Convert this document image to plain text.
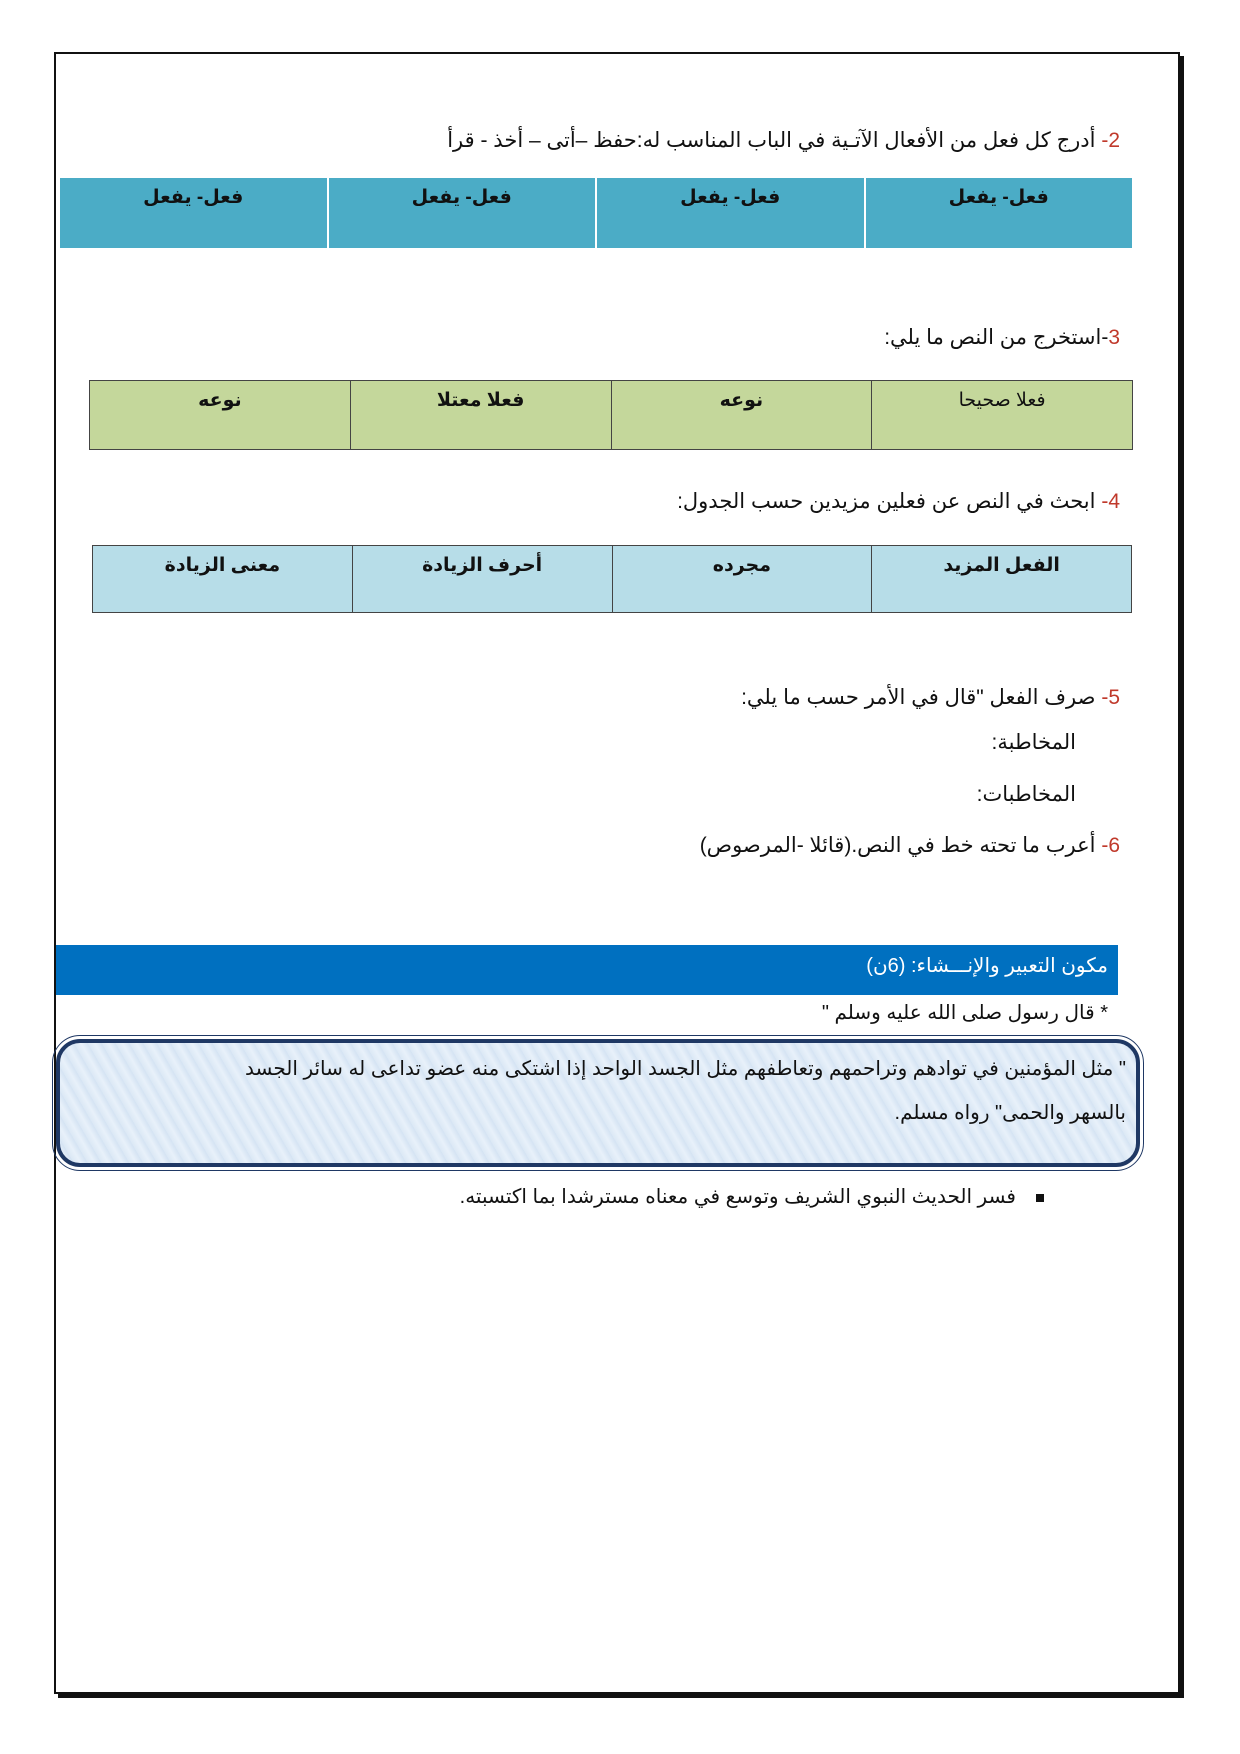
2- أدرج كل فعل من الأفعال الآتـية في الباب المناسب له:حفظ –أتى – أخذ - قرأ
فعل- يفعل	فعل- يفعل	فعل- يفعل	فعل- يفعل
3-استخرج من النص ما يلي:
فعلا صحيحا	نوعه	فعلا معتلا	نوعه
4- ابحث في النص عن فعلين مزيدين حسب الجدول:
الفعل المزيد	مجرده	أحرف الزيادة	معنى الزيادة
5- صرف الفعل "قال في الأمر حسب ما يلي:
المخاطبة:
المخاطبات:
6- أعرب ما تحته خط في النص.(قائلا -المرصوص)
مكون التعبير والإنـــشاء: (6ن)
* قال رسول صلى الله عليه وسلم "
" مثل المؤمنين في توادهم وتراحمهم وتعاطفهم مثل الجسد الواحد إذا اشتكى منه عضو تداعى له سائر الجسد
بالسهر والحمى" رواه مسلم.
فسر الحديث النبوي الشريف وتوسع في معناه مسترشدا بما اكتسبته.
